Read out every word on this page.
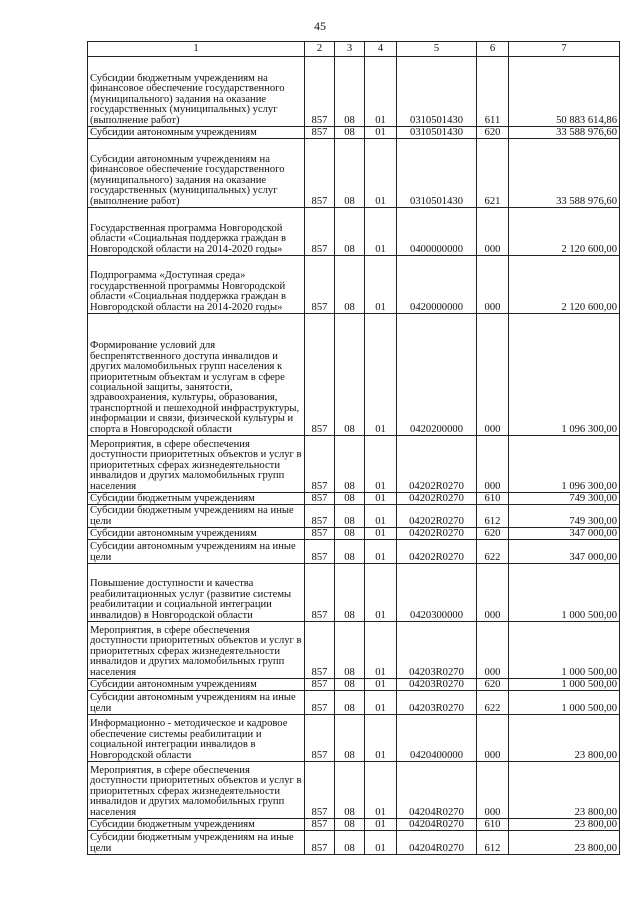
45
1	2	3	4	5	6	7
Субсидии бюджетным учреждениям на финансовое обеспечение государственного (муниципального) задания на оказание государственных (муниципальных) услуг (выполнение работ)	857	08	01	0310501430	611	50 883 614,86
Субсидии автономным учреждениям	857	08	01	0310501430	620	33 588 976,60
Субсидии автономным учреждениям на финансовое обеспечение государственного (муниципального) задания на оказание государственных (муниципальных) услуг (выполнение работ)	857	08	01	0310501430	621	33 588 976,60
Государственная программа Новгородской области «Социальная поддержка граждан в Новгородской области на 2014-2020 годы»	857	08	01	0400000000	000	2 120 600,00
Подпрограмма «Доступная среда» государственной программы Новгородской области «Социальная поддержка граждан в Новгородской области на 2014-2020 годы»	857	08	01	0420000000	000	2 120 600,00
Формирование условий для беспрепятственного доступа инвалидов и других маломобильных групп населения к приоритетным объектам и услугам в сфере социальной защиты, занятости, здравоохранения, культуры, образования, транспортной и пешеходной инфраструктуры, информации и связи, физической культуры и спорта в Новгородской области	857	08	01	0420200000	000	1 096 300,00
Мероприятия, в сфере обеспечения доступности приоритетных объектов и услуг в приоритетных сферах жизнедеятельности инвалидов и других маломобильных групп населения	857	08	01	04202R0270	000	1 096 300,00
Субсидии бюджетным учреждениям	857	08	01	04202R0270	610	749 300,00
Субсидии бюджетным учреждениям на иные цели	857	08	01	04202R0270	612	749 300,00
Субсидии автономным учреждениям	857	08	01	04202R0270	620	347 000,00
Субсидии автономным учреждениям на иные цели	857	08	01	04202R0270	622	347 000,00
Повышение доступности и качества реабилитационных услуг (развитие системы реабилитации и социальной интеграции инвалидов) в Новгородской области	857	08	01	0420300000	000	1 000 500,00
Мероприятия, в сфере обеспечения доступности приоритетных объектов и услуг в приоритетных сферах жизнедеятельности инвалидов и других маломобильных групп населения	857	08	01	04203R0270	000	1 000 500,00
Субсидии автономным учреждениям	857	08	01	04203R0270	620	1 000 500,00
Субсидии автономным учреждениям на иные цели	857	08	01	04203R0270	622	1 000 500,00
Информационно - методическое и кадровое обеспечение системы реабилитации и социальной интеграции инвалидов в Новгородской области	857	08	01	0420400000	000	23 800,00
Мероприятия, в сфере обеспечения доступности приоритетных объектов и услуг в приоритетных сферах жизнедеятельности инвалидов и других маломобильных групп населения	857	08	01	04204R0270	000	23 800,00
Субсидии бюджетным учреждениям	857	08	01	04204R0270	610	23 800,00
Субсидии бюджетным учреждениям на иные цели	857	08	01	04204R0270	612	23 800,00
